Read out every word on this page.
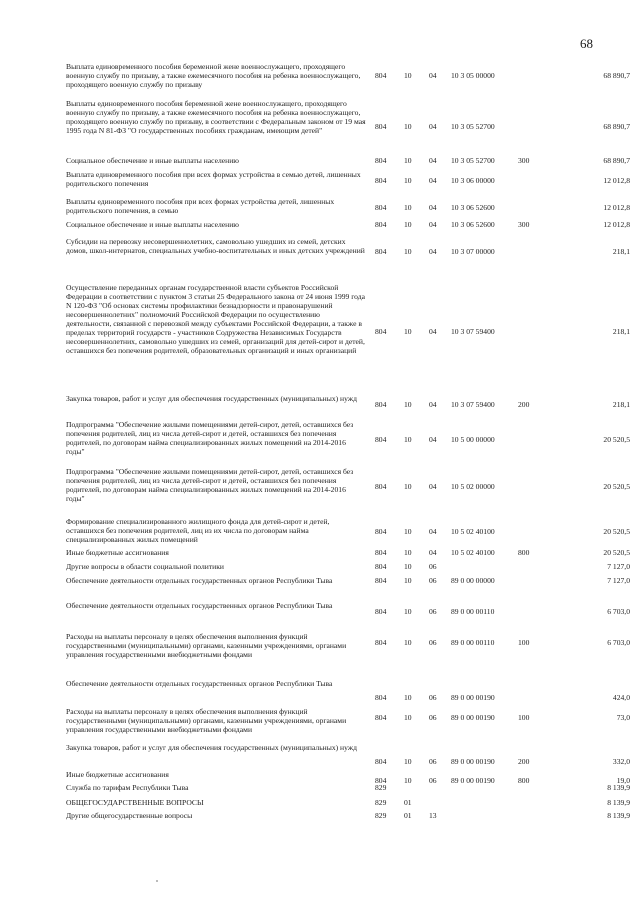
68
Выплата единовременного пособия беременной жене военнослужащего, проходящего военную службу по призыву, а также ежемесячного пособия на ребенка военнослужащего, проходящего военную службу по призыву
804 10 04 10 3 05 00000	68 890,7
Выплаты единовременного пособия беременной жене военнослужащего, проходящего военную службу по призыву, а также ежемесячного пособия на ребенка военнослужащего, проходящего военную службу по призыву, в соответствии с Федеральным законом от 19 мая 1995 года N 81-ФЗ "О государственных пособиях гражданам, имеющим детей"	804 10 04 10 3 05 52700	68 890,7
Социальное обеспечение и иные выплаты населению	804 10 04 10 3 05 52700	300	68 890,7
Выплата единовременного пособия при всех формах устройства в семью детей, лишенных родительского попечения	804 10 04 10 3 06 00000	12 012,8
Выплаты единовременного пособия при всех формах устройства детей, лишенных родительского попечения, в семью	804 10 04 10 3 06 52600	12 012,8
Социальное обеспечение и иные выплаты населению	804 10 04 10 3 06 52600	300	12 012,8
Субсидии на перевозку несовершеннолетних, самовольно ушедших из семей, детских домов, школ-интернатов, специальных учебно-воспитательных и иных детских учреждений 804 10 04 10 3 07 00000	218,1
Осуществление переданных органам государственной власти субъектов Российской Федерации в соответствии с пунктом 3 статьи 25 Федерального закона от 24 июня 1999 года N 120-ФЗ "Об основах системы профилактики безнадзорности и правонарушений несовершеннолетних" полномочий Российской Федерации по осуществлению деятельности, связанной с перевозкой между субъектами Российской Федерации, а также в пределах территорий государств - участников Содружества Независимых Государств несовершеннолетних, самовольно ушедших из семей, организаций для детей-сирот и детей, оставшихся без попечения родителей, образовательных организаций и иных организаций
804 10 04 10 3 07 59400	218,1
Закупка товаров, работ и услуг для обеспечения государственных (муниципальных) нужд
804 10 04 10 3 07 59400	200	218,1
Подпрограмма "Обеспечение жилыми помещениями детей-сирот, детей, оставшихся без попечения родителей, лиц из числа детей-сирот и детей, оставшихся без попечения родителей, по договорам найма специализированных жилых помещений на 2014-2016 годы"
804 10 04 10 5 00 00000	20 520,5
Подпрограмма "Обеспечение жилыми помещениями детей-сирот, детей, оставшихся без попечения родителей, лиц из числа детей-сирот и детей, оставшихся без попечения родителей, по договорам найма специализированных жилых помещений на 2014-2016 годы"
804 10 04 10 5 02 00000	20 520,5
Формирование специализированного жилищного фонда для детей-сирот и детей, оставшихся без попечения родителей, лиц из их числа по договорам найма специализированных жилых помещений
804 10 04 10 5 02 40100	20 520,5
Иные бюджетные ассигнования	804 10 04 10 5 02 40100	800	20 520,5
Другие вопросы в области социальной политики	804 10 06	7 127,0
Обеспечение деятельности отдельных государственных органов Республики Тыва	804 10 06 89 0 00 00000	7 127,0
Обеспечение деятельности отдельных государственных органов Республики Тыва
804 10 06 89 0 00 00110	6 703,0
Расходы на выплаты персоналу в целях обеспечения выполнения функций государственными (муниципальными) органами, казенными учреждениями, органами управления государственными внебюджетными фондами
804 10 06 89 0 00 00110	100	6 703,0
Обеспечение деятельности отдельных государственных органов Республики Тыва
804 10 06 89 0 00 00190	424,0
Расходы на выплаты персоналу в целях обеспечения выполнения функций государственными (муниципальными) органами, казенными учреждениями, органами управления государственными внебюджетными фондами
804 10 06 89 0 00 00190	100	73,0
Закупка товаров, работ и услуг для обеспечения государственных (муниципальных) нужд
804 10 06 89 0 00 00190	200	332,0
Иные бюджетные ассигнования
804 10 06 89 0 00 00190	800	19,0
Служба по тарифам Республики Тыва	829	8 139,9
ОБЩЕГОСУДАРСТВЕННЫЕ ВОПРОСЫ	829 01	8 139,9
Другие общегосударственные вопросы	829 01 13	8 139,9
